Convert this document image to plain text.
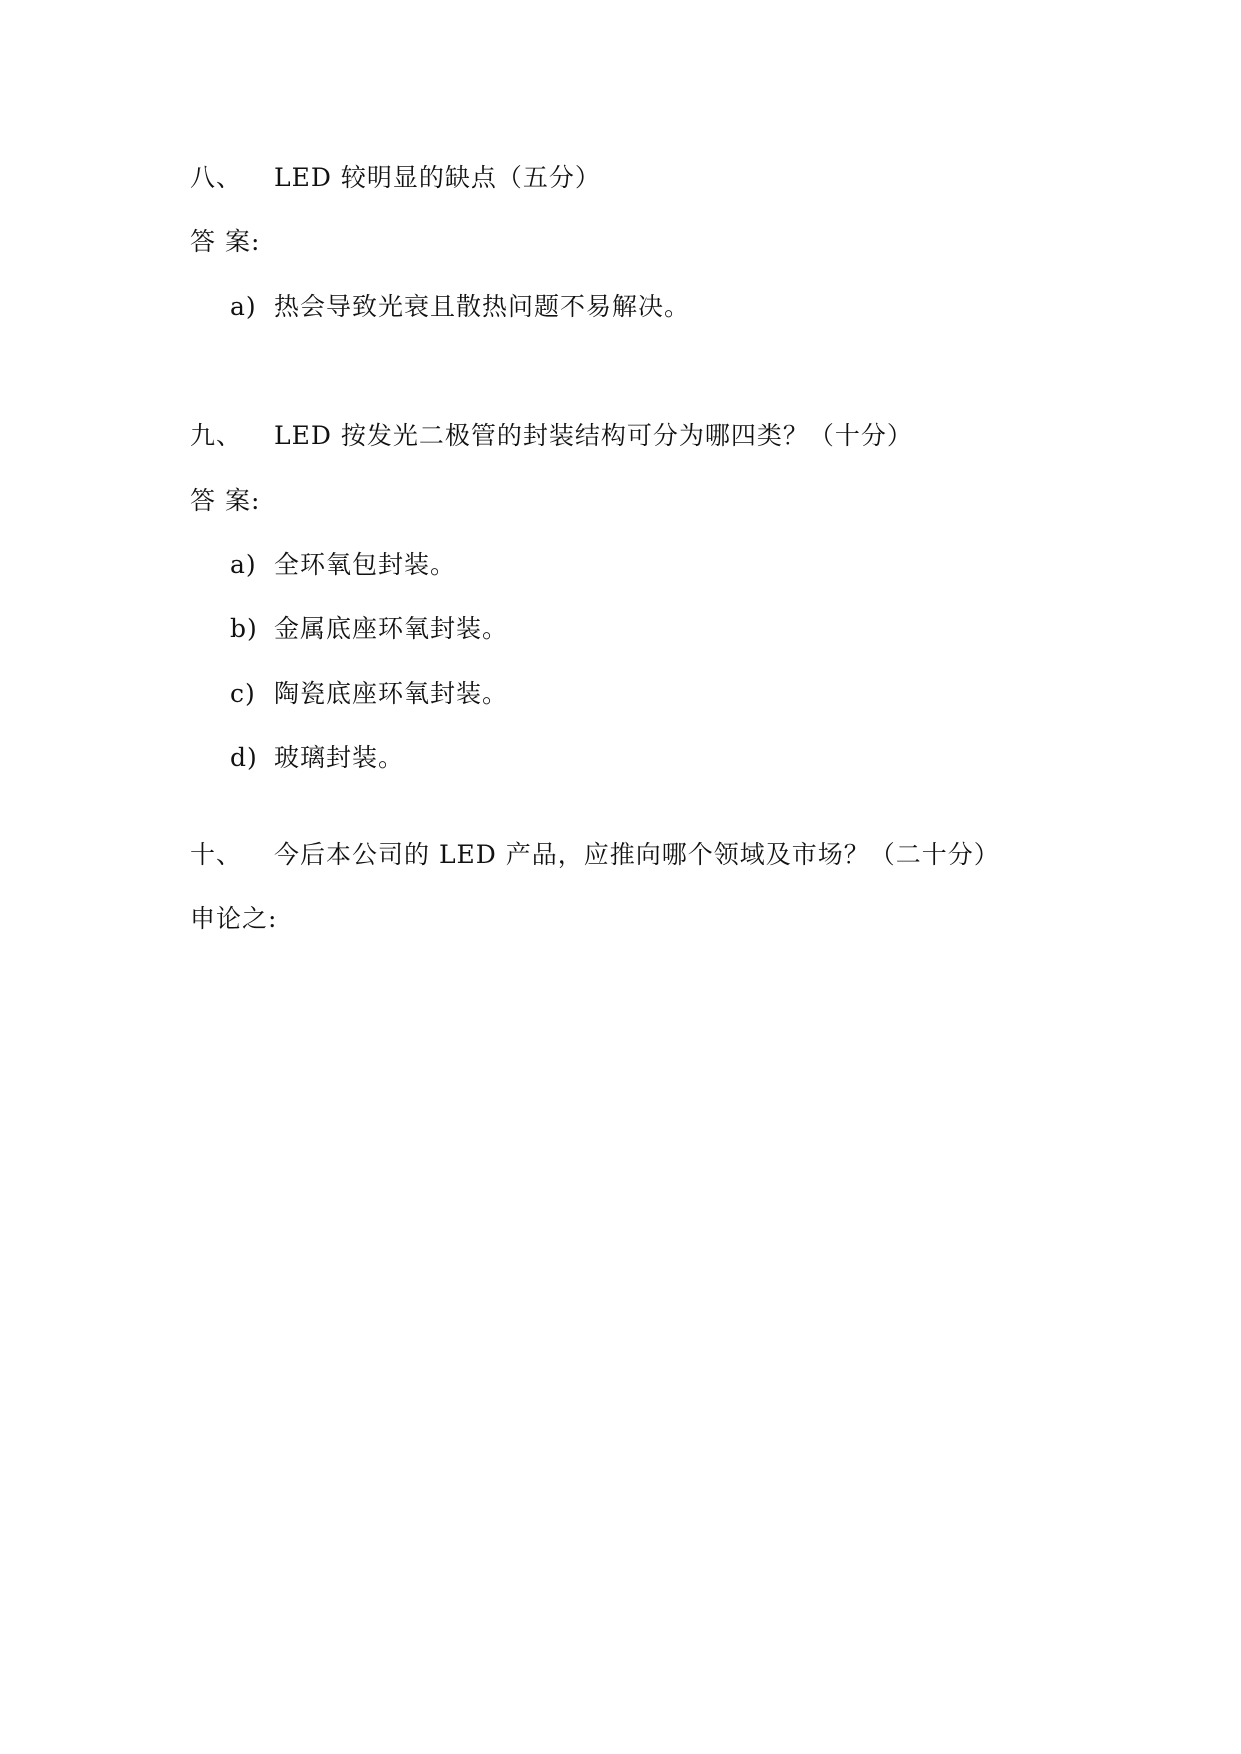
八、 LED 较明显的缺点（五分）
答 案:
a) 热会导致光衰且散热问题不易解决。
九、 LED 按发光二极管的封装结构可分为哪四类？（十分）
答 案:
a) 全环氧包封装。
b) 金属底座环氧封装。
c) 陶瓷底座环氧封装。
d) 玻璃封装。
十、 今后本公司的 LED 产品，应推向哪个领域及市场？（二十分）
申论之:
